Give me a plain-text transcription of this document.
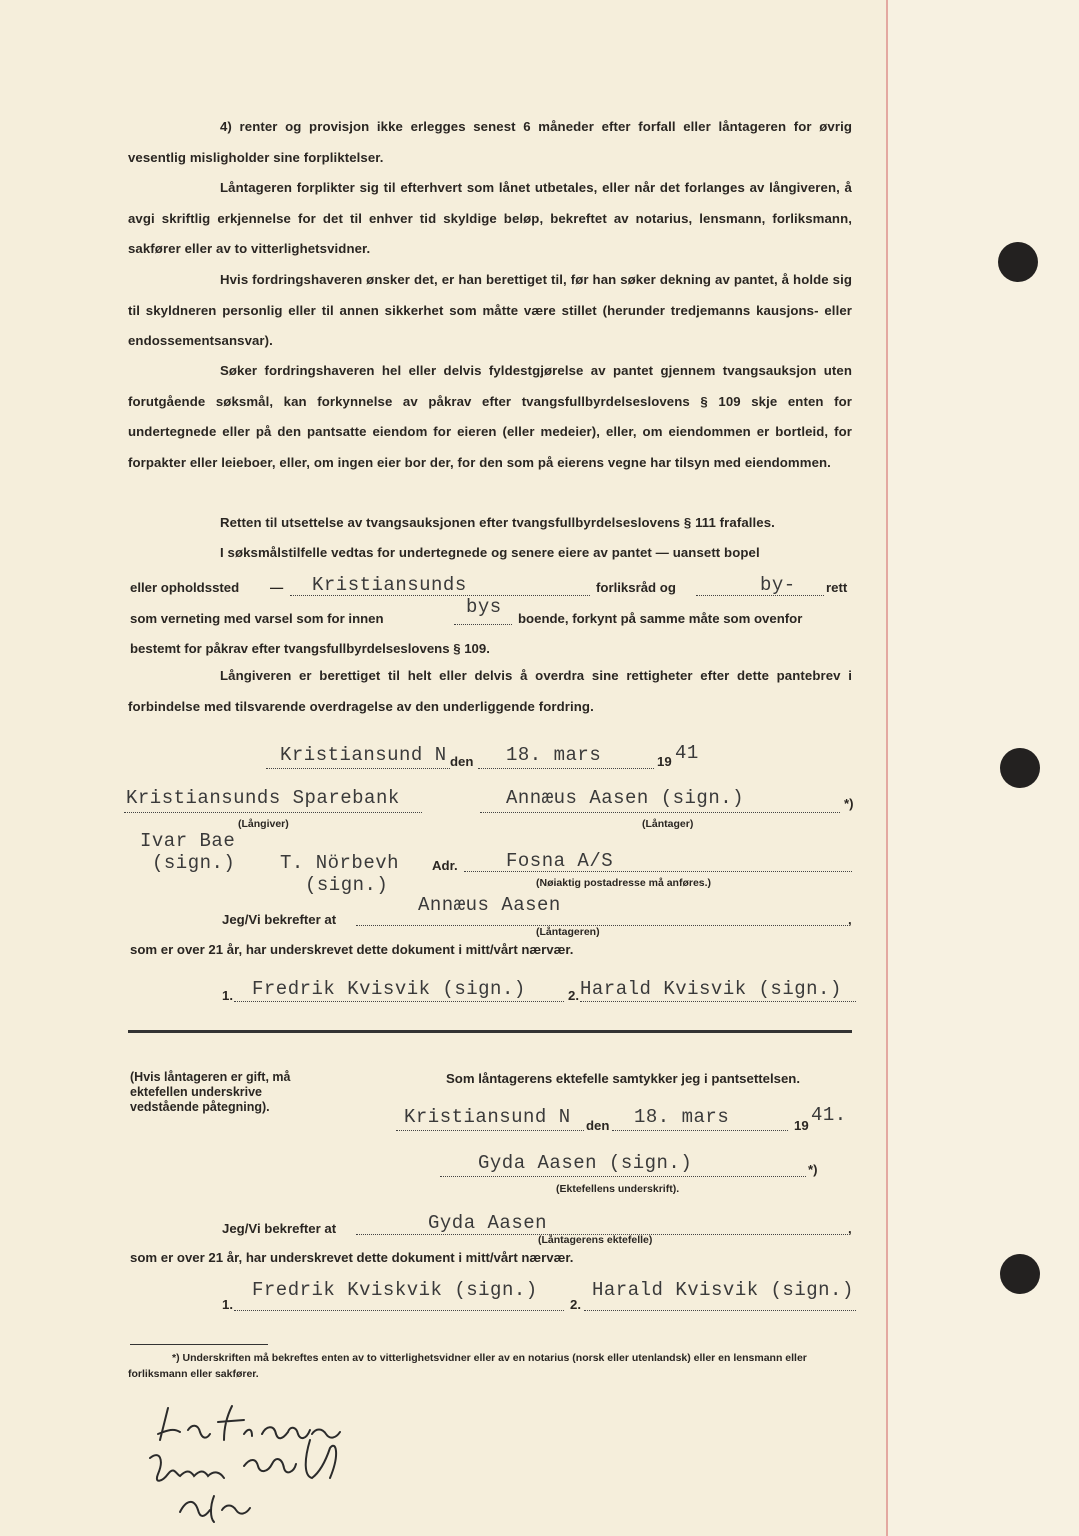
4) renter og provisjon ikke erlegges senest 6 måneder efter forfall eller låntageren for øvrig vesentlig misligholder sine forpliktelser.
Låntageren forplikter sig til efterhvert som lånet utbetales, eller når det forlanges av långiveren, å avgi skriftlig erkjennelse for det til enhver tid skyldige beløp, bekreftet av notarius, lensmann, forliksmann, sakfører eller av to vitterlighetsvidner.
Hvis fordringshaveren ønsker det, er han berettiget til, før han søker dekning av pantet, å holde sig til skyldneren personlig eller til annen sikkerhet som måtte være stillet (herunder tredjemanns kausjons- eller endossementsansvar).
Søker fordringshaveren hel eller delvis fyldestgjørelse av pantet gjennem tvangsauksjon uten forutgående søksmål, kan forkynnelse av påkrav efter tvangsfullbyrdelseslovens § 109 skje enten for undertegnede eller på den pantsatte eiendom for eieren (eller medeier), eller, om eiendommen er bortleid, for forpakter eller leieboer, eller, om ingen eier bor der, for den som på eierens vegne har tilsyn med eiendommen.
Retten til utsettelse av tvangsauksjonen efter tvangsfullbyrdelseslovens § 111 frafalles.
I søksmålstilfelle vedtas for undertegnede og senere eiere av pantet — uansett bopel
eller opholdssted — Kristiansunds	forliksråd og	by- rett
som verneting med varsel som for innen
bys
boende, forkynt på samme måte som ovenfor
bestemt for påkrav efter tvangsfullbyrdelseslovens § 109.
Långiveren er berettiget til helt eller delvis å overdra sine rettigheter efter dette pantebrev i forbindelse med tilsvarende overdragelse av den underliggende fordring.
Kristiansund N den 18. mars	19 41
Kristiansunds Sparebank
(Långiver)
Annæus Aasen (sign.)	*)
(Låntager)
Ivar Bae
(sign.) T. Nörbevh
(sign.)
Adr.	Fosna A/S
(Nøiaktig postadresse må anføres.)
Jeg/Vi bekrefter at
Annæus Aasen
,
(Låntageren)
som er over 21 år, har underskrevet dette dokument i mitt/vårt nærvær.
1. Fredrik Kvisvik (sign.)	2. Harald Kvisvik (sign.)
(Hvis låntageren er gift, må ektefellen underskrive vedstående påtegning).
Som låntagerens ektefelle samtykker jeg i pantsettelsen.
Kristiansund N den 18. mars	19 41.
Gyda Aasen (sign.)	*)
(Ektefellens underskrift).
Jeg/Vi bekrefter at	Gyda Aasen	,
(Låntagerens ektefelle)
som er over 21 år, har underskrevet dette dokument i mitt/vårt nærvær.
1.
Fredrik Kviskvik (sign.)
2.
Harald Kvisvik (sign.)
*) Underskriften må bekreftes enten av to vitterlighetsvidner eller av en notarius (norsk eller utenlandsk) eller en lensmann eller forliksmann eller sakfører.
